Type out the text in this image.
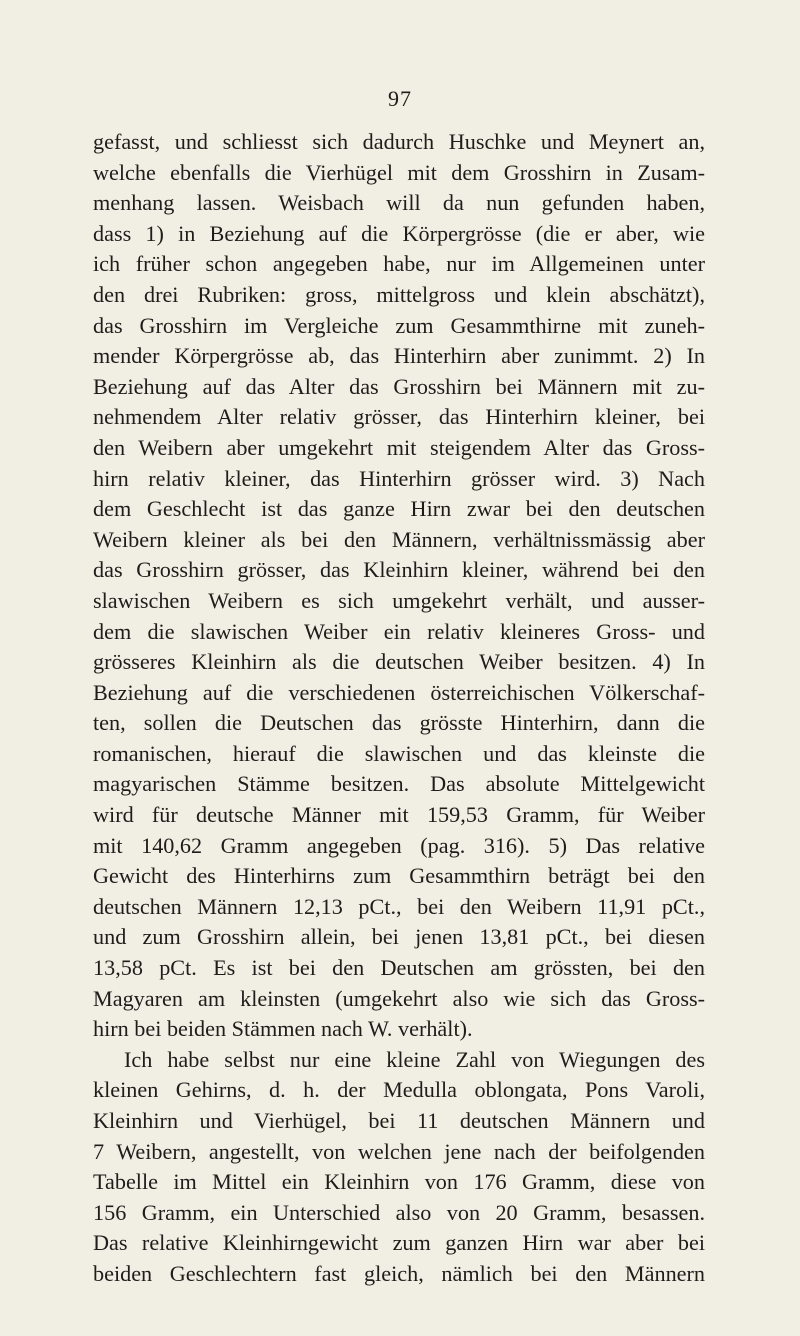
97
gefasst, und schliesst sich dadurch Huschke und Meynert an,
welche ebenfalls die Vierhügel mit dem Grosshirn in Zusam-
menhang lassen. Weisbach will da nun gefunden haben,
dass 1) in Beziehung auf die Körpergrösse (die er aber, wie
ich früher schon angegeben habe, nur im Allgemeinen unter
den drei Rubriken: gross, mittelgross und klein abschätzt),
das Grosshirn im Vergleiche zum Gesammthirne mit zuneh-
mender Körpergrösse ab, das Hinterhirn aber zunimmt. 2) In
Beziehung auf das Alter das Grosshirn bei Männern mit zu-
nehmendem Alter relativ grösser, das Hinterhirn kleiner, bei
den Weibern aber umgekehrt mit steigendem Alter das Gross-
hirn relativ kleiner, das Hinterhirn grösser wird. 3) Nach
dem Geschlecht ist das ganze Hirn zwar bei den deutschen
Weibern kleiner als bei den Männern, verhältnissmässig aber
das Grosshirn grösser, das Kleinhirn kleiner, während bei den
slawischen Weibern es sich umgekehrt verhält, und ausser-
dem die slawischen Weiber ein relativ kleineres Gross- und
grösseres Kleinhirn als die deutschen Weiber besitzen. 4) In
Beziehung auf die verschiedenen österreichischen Völkerschaf-
ten, sollen die Deutschen das grösste Hinterhirn, dann die
romanischen, hierauf die slawischen und das kleinste die
magyarischen Stämme besitzen. Das absolute Mittelgewicht
wird für deutsche Männer mit 159,53 Gramm, für Weiber
mit 140,62 Gramm angegeben (pag. 316). 5) Das relative
Gewicht des Hinterhirns zum Gesammthirn beträgt bei den
deutschen Männern 12,13 pCt., bei den Weibern 11,91 pCt.,
und zum Grosshirn allein, bei jenen 13,81 pCt., bei diesen
13,58 pCt. Es ist bei den Deutschen am grössten, bei den
Magyaren am kleinsten (umgekehrt also wie sich das Gross-
hirn bei beiden Stämmen nach W. verhält).
Ich habe selbst nur eine kleine Zahl von Wiegungen des
kleinen Gehirns, d. h. der Medulla oblongata, Pons Varoli,
Kleinhirn und Vierhügel, bei 11 deutschen Männern und
7 Weibern, angestellt, von welchen jene nach der beifolgenden
Tabelle im Mittel ein Kleinhirn von 176 Gramm, diese von
156 Gramm, ein Unterschied also von 20 Gramm, besassen.
Das relative Kleinhirngewicht zum ganzen Hirn war aber bei
beiden Geschlechtern fast gleich, nämlich bei den Männern
